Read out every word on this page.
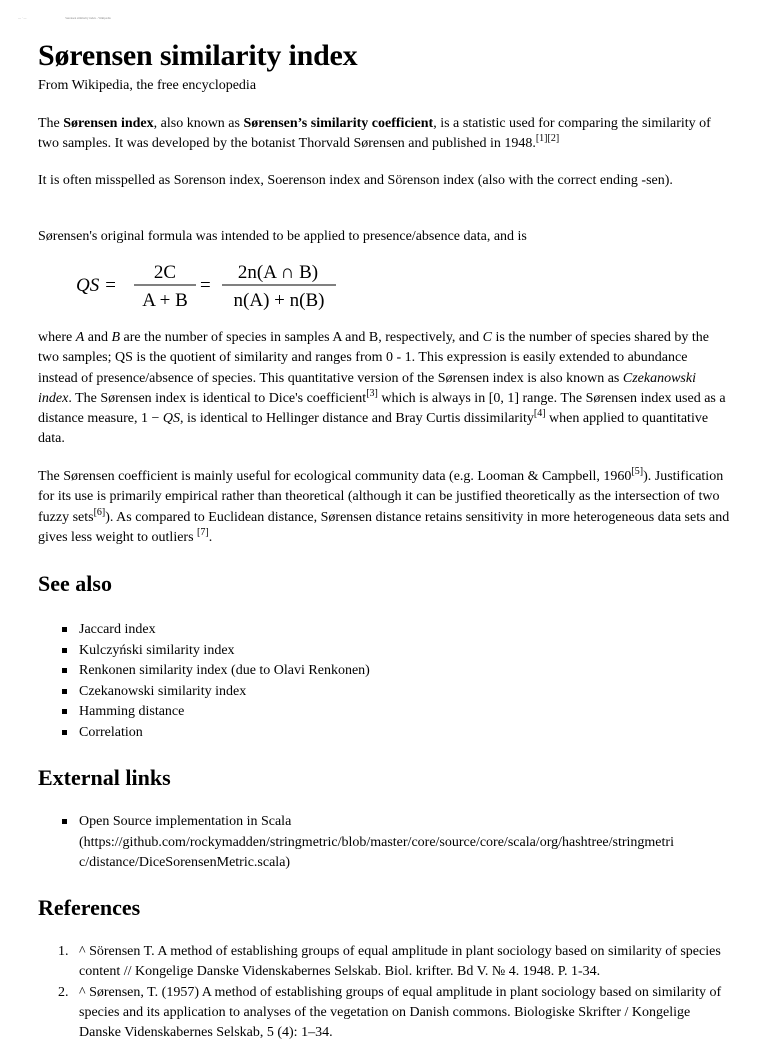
— · —	Sørensen similarity index - Wikipedia
Sørensen similarity index
From Wikipedia, the free encyclopedia

The Sørensen index, also known as Sørensen’s similarity coefficient, is a statistic used for comparing the similarity of two samples. It was developed by the botanist Thorvald Sørensen and published in 1948.[1][2]

It is often misspelled as Sorenson index, Soerenson index and Sörenson index (also with the correct ending -sen).

Sørensen's original formula was intended to be applied to presence/absence data, and is

QS =
2C
A + B
=
2n(A ∩ B)
n(A) + n(B)

where A and B are the number of species in samples A and B, respectively, and C is the number of species shared by the two samples; QS is the quotient of similarity and ranges from 0 - 1. This expression is easily extended to abundance instead of presence/absence of species. This quantitative version of the Sørensen index is also known as Czekanowski index. The Sørensen index is identical to Dice's coefficient[3] which is always in [0, 1] range. The Sørensen index used as a distance measure, 1 − QS, is identical to Hellinger distance and Bray Curtis dissimilarity[4] when applied to quantitative data.

The Sørensen coefficient is mainly useful for ecological community data (e.g. Looman & Campbell, 1960[5]). Justification for its use is primarily empirical rather than theoretical (although it can be justified theoretically as the intersection of two fuzzy sets[6]). As compared to Euclidean distance, Sørensen distance retains sensitivity in more heterogeneous data sets and gives less weight to outliers [7].

See also
Jaccard index
Kulczyński similarity index
Renkonen similarity index (due to Olavi Renkonen)
Czekanowski similarity index
Hamming distance
Correlation
External links
Open Source implementation in Scala
(https://github.com/rockymadden/stringmetric/blob/master/core/source/core/scala/org/hashtree/stringmetri
c/distance/DiceSorensenMetric.scala)
References
1. ^ Sörensen T. A method of establishing groups of equal amplitude in plant sociology based on similarity of species content // Kongelige Danske Videnskabernes Selskab. Biol. krifter. Bd V. № 4. 1948. P. 1-34.
2. ^ Sørensen, T. (1957) A method of establishing groups of equal amplitude in plant sociology based on similarity of species and its application to analyses of the vegetation on Danish commons. Biologiske Skrifter / Kongelige Danske Videnskabernes Selskab, 5 (4): 1–34.
